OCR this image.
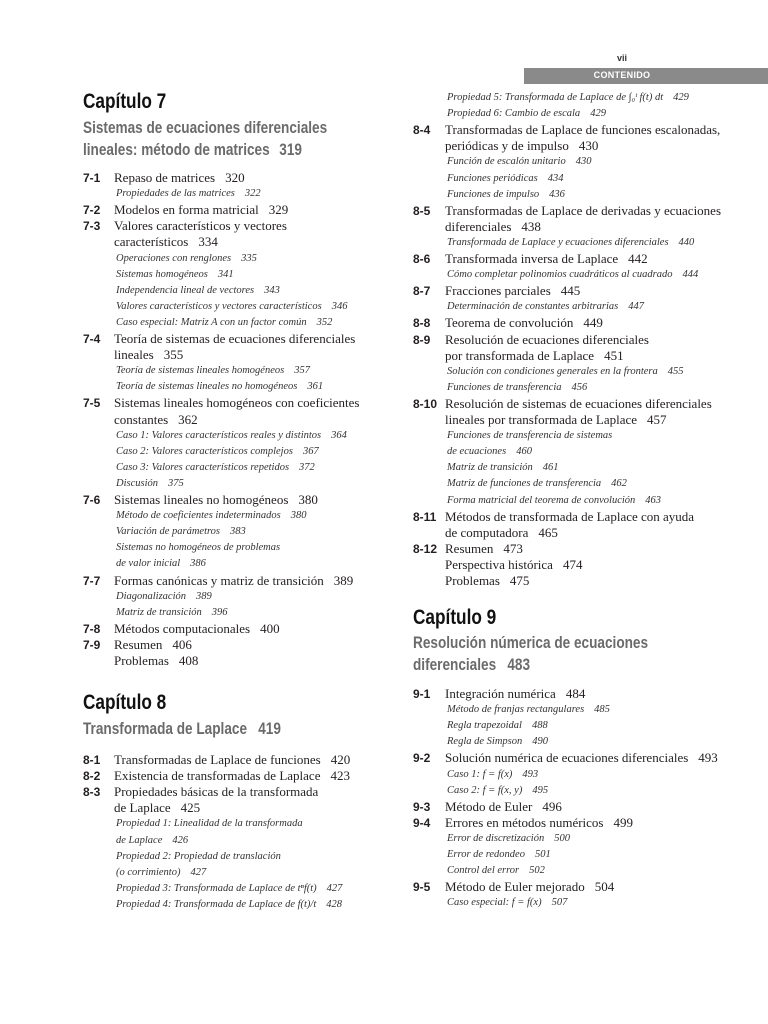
vii
CONTENIDO
Capítulo 7
Sistemas de ecuaciones diferenciales
lineales: método de matrices 319
7-1 Repaso de matrices 320
Propiedades de las matrices 322
7-2 Modelos en forma matricial 329
7-3 Valores característicos y vectores
característicos 334
Operaciones con renglones 335
Sistemas homogéneos 341
Independencia lineal de vectores 343
Valores característicos y vectores característicos 346
Caso especial: Matriz A con un factor común 352
7-4 Teoría de sistemas de ecuaciones diferenciales
lineales 355
Teoría de sistemas lineales homogéneos 357
Teoría de sistemas lineales no homogéneos 361
7-5 Sistemas lineales homogéneos con coeficientes
constantes 362
Caso 1: Valores característicos reales y distintos 364
Caso 2: Valores característicos complejos 367
Caso 3: Valores característicos repetidos 372
Discusión 375
7-6 Sistemas lineales no homogéneos 380
Método de coeficientes indeterminados 380
Variación de parámetros 383
Sistemas no homogéneos de problemas
de valor inicial 386
7-7 Formas canónicas y matriz de transición 389
Diagonalización 389
Matriz de transición 396
7-8 Métodos computacionales 400
7-9 Resumen 406
Problemas 408
Capítulo 8
Transformada de Laplace 419
8-1 Transformadas de Laplace de funciones 420
8-2 Existencia de transformadas de Laplace 423
8-3 Propiedades básicas de la transformada
de Laplace 425
Propiedad 1: Linealidad de la transformada
de Laplace 426
Propiedad 2: Propiedad de translación
(o corrimiento) 427
Propiedad 3: Transformada de Laplace de tⁿf(t) 427
Propiedad 4: Transformada de Laplace de f(t)/t 428
Propiedad 5: Transformada de Laplace de ∫₀ᵗ f(t) dt 429
Propiedad 6: Cambio de escala 429
8-4 Transformadas de Laplace de funciones escalonadas,
periódicas y de impulso 430
Función de escalón unitario 430
Funciones periódicas 434
Funciones de impulso 436
8-5 Transformadas de Laplace de derivadas y ecuaciones
diferenciales 438
Transformada de Laplace y ecuaciones diferenciales 440
8-6 Transformada inversa de Laplace 442
Cómo completar polinomios cuadráticos al cuadrado 444
8-7 Fracciones parciales 445
Determinación de constantes arbitrarias 447
8-8 Teorema de convolución 449
8-9 Resolución de ecuaciones diferenciales
por transformada de Laplace 451
Solución con condiciones generales en la frontera 455
Funciones de transferencia 456
8-10 Resolución de sistemas de ecuaciones diferenciales
lineales por transformada de Laplace 457
Funciones de transferencia de sistemas
de ecuaciones 460
Matriz de transición 461
Matriz de funciones de transferencia 462
Forma matricial del teorema de convolución 463
8-11 Métodos de transformada de Laplace con ayuda
de computadora 465
8-12 Resumen 473
Perspectiva histórica 474
Problemas 475
Capítulo 9
Resolución númerica de ecuaciones
diferenciales 483
9-1 Integración numérica 484
Método de franjas rectangulares 485
Regla trapezoidal 488
Regla de Simpson 490
9-2 Solución numérica de ecuaciones diferenciales 493
Caso 1: f = f(x) 493
Caso 2: f = f(x, y) 495
9-3 Método de Euler 496
9-4 Errores en métodos numéricos 499
Error de discretización 500
Error de redondeo 501
Control del error 502
9-5 Método de Euler mejorado 504
Caso especial: f = f(x) 507
